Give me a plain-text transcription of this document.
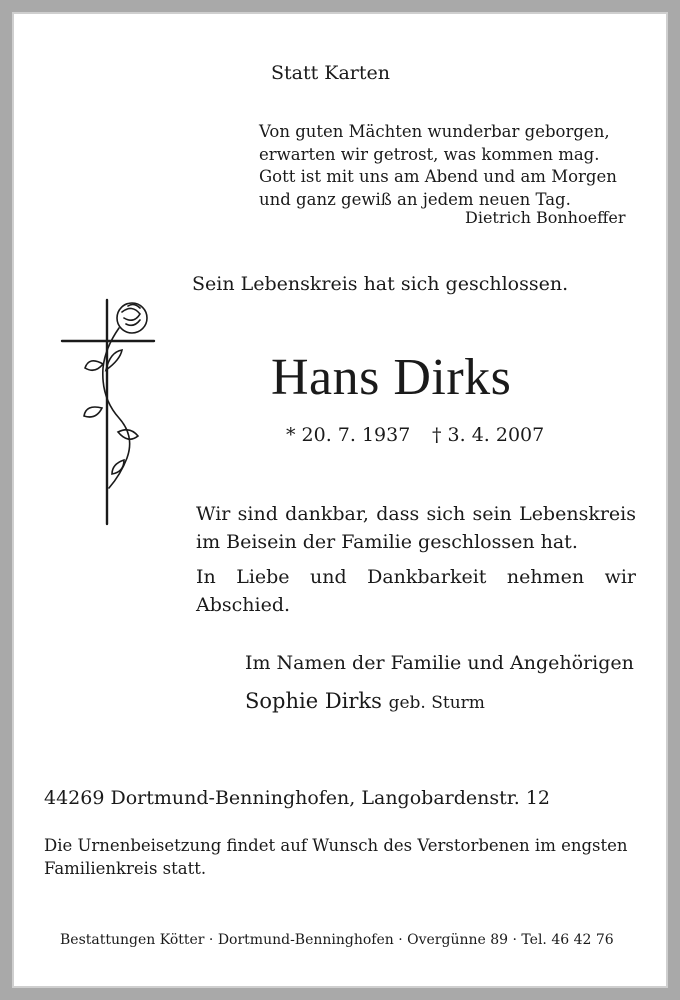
Statt Karten
Von guten Mächten wunderbar geborgen,
erwarten wir getrost, was kommen mag.
Gott ist mit uns am Abend und am Morgen
und ganz gewiß an jedem neuen Tag.
Dietrich Bonhoeffer
Sein Lebenskreis hat sich geschlossen.
Hans Dirks
* 20. 7. 1937 † 3. 4. 2007
Wir sind dankbar, dass sich sein Lebenskreis
im Beisein der Familie geschlossen hat.
In Liebe und Dankbarkeit nehmen wir
Abschied.
Im Namen der Familie und Angehörigen
Sophie Dirks geb. Sturm
44269 Dortmund-Benninghofen, Langobardenstr. 12
Die Urnenbeisetzung findet auf Wunsch des Verstorbenen im engsten Familienkreis statt.
Bestattungen Kötter · Dortmund-Benninghofen · Overgünne 89 · Tel. 46 42 76
